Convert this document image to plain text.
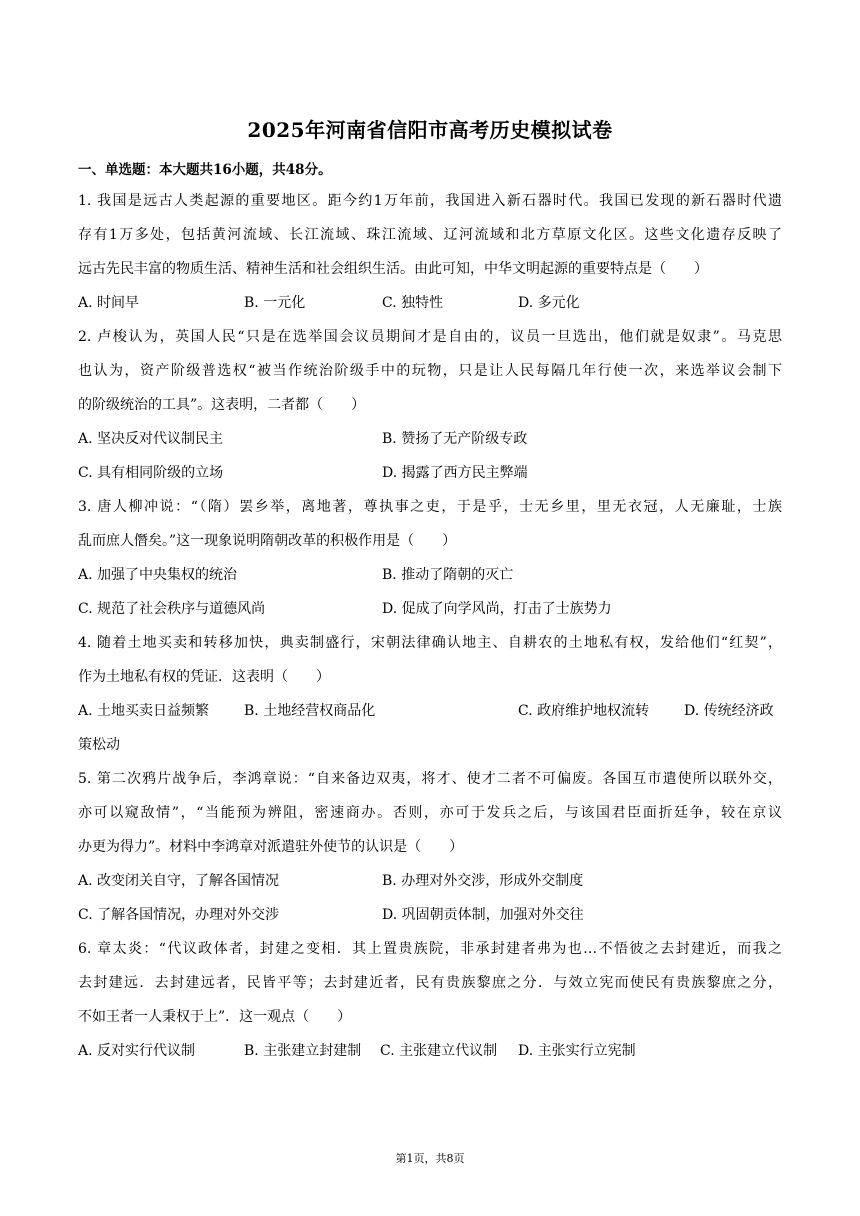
2025年河南省信阳市高考历史模拟试卷
一、单选题：本大题共16小题，共48分。
1. 我国是远古人类起源的重要地区。距今约1万年前，我国进入新石器时代。我国已发现的新石器时代遗
存有1万多处，包括黄河流域、长江流域、珠江流域、辽河流域和北方草原文化区。这些文化遗存反映了
远古先民丰富的物质生活、精神生活和社会组织生活。由此可知，中华文明起源的重要特点是（　　）
A. 时间早	B. 一元化	C. 独特性	D. 多元化
2. 卢梭认为，英国人民“只是在选举国会议员期间才是自由的，议员一旦选出，他们就是奴隶”。马克思
也认为，资产阶级普选权“被当作统治阶级手中的玩物，只是让人民每隔几年行使一次，来选举议会制下
的阶级统治的工具”。这表明，二者都（　　）
A. 坚决反对代议制民主	B. 赞扬了无产阶级专政
C. 具有相同阶级的立场	D. 揭露了西方民主弊端
3. 唐人柳冲说：“（隋）罢乡举，离地著，尊执事之吏，于是乎，士无乡里，里无衣冠，人无廉耻，士族
乱而庶人僭矣。”这一现象说明隋朝改革的积极作用是（　　）
A. 加强了中央集权的统治	B. 推动了隋朝的灭亡
C. 规范了社会秩序与道德风尚	D. 促成了向学风尚，打击了士族势力
4. 随着土地买卖和转移加快，典卖制盛行，宋朝法律确认地主、自耕农的土地私有权，发给他们“红契”，
作为土地私有权的凭证．这表明（　　）
A. 土地买卖日益频繁 B. 土地经营权商品化	C. 政府维护地权流转 D. 传统经济政
策松动
5. 第二次鸦片战争后，李鸿章说：“自来备边双夷，将才、使才二者不可偏废。各国互市遣使所以联外交，
亦可以窥敌情”，“当能预为辨阻，密速商办。否则，亦可于发兵之后，与该国君臣面折廷争，较在京议
办更为得力”。材料中李鸿章对派遣驻外使节的认识是（　　）
A. 改变闭关自守，了解各国情况	B. 办理对外交涉，形成外交制度
C. 了解各国情况，办理对外交涉	D. 巩固朝贡体制，加强对外交往
6. 章太炎：“代议政体者，封建之变相．其上置贵族院，非承封建者弗为也…不悟彼之去封建近，而我之
去封建远．去封建远者，民皆平等；去封建近者，民有贵族黎庶之分．与效立宪而使民有贵族黎庶之分，
不如王者一人秉权于上”．这一观点（　　）
A. 反对实行代议制	B. 主张建立封建制 C. 主张建立代议制 D. 主张实行立宪制
第1页，共8页
